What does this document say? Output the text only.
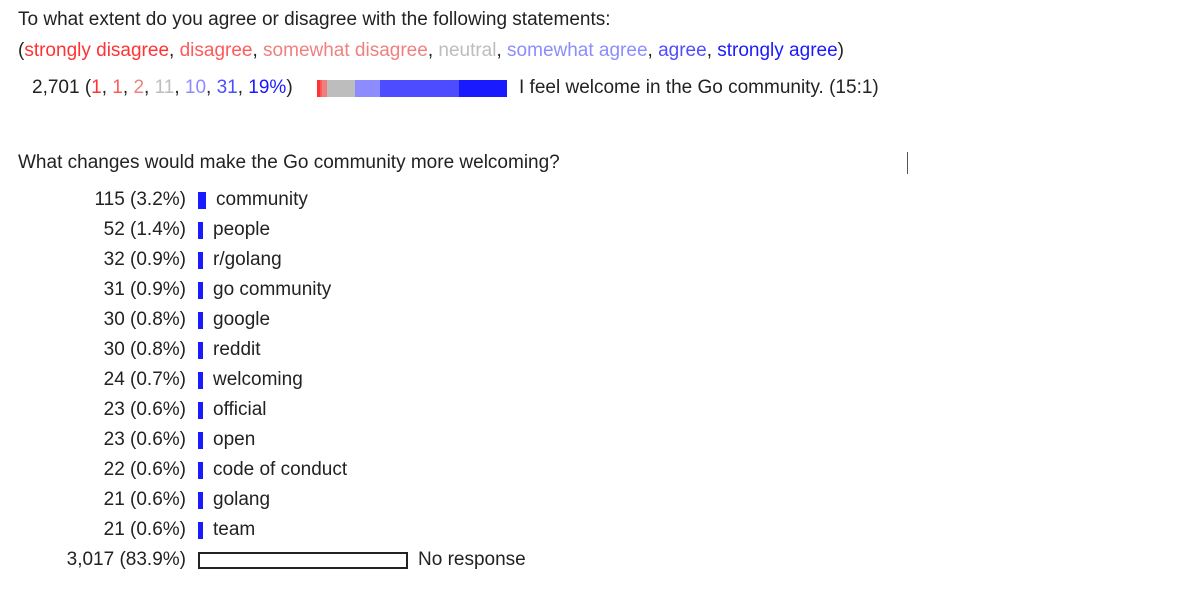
To what extent do you agree or disagree with the following statements:
(strongly disagree, disagree, somewhat disagree, neutral, somewhat agree, agree, strongly agree)
2,701 (1, 1, 2, 11, 10, 31, 19%)	I feel welcome in the Go community. (15:1)
What changes would make the Go community more welcoming?
115 (3.2%) community
52 (1.4%) people
32 (0.9%) r/golang
31 (0.9%) go community
30 (0.8%) google
30 (0.8%) reddit
24 (0.7%) welcoming
23 (0.6%) official
23 (0.6%) open
22 (0.6%) code of conduct
21 (0.6%) golang
21 (0.6%) team
3,017 (83.9%)	No response
